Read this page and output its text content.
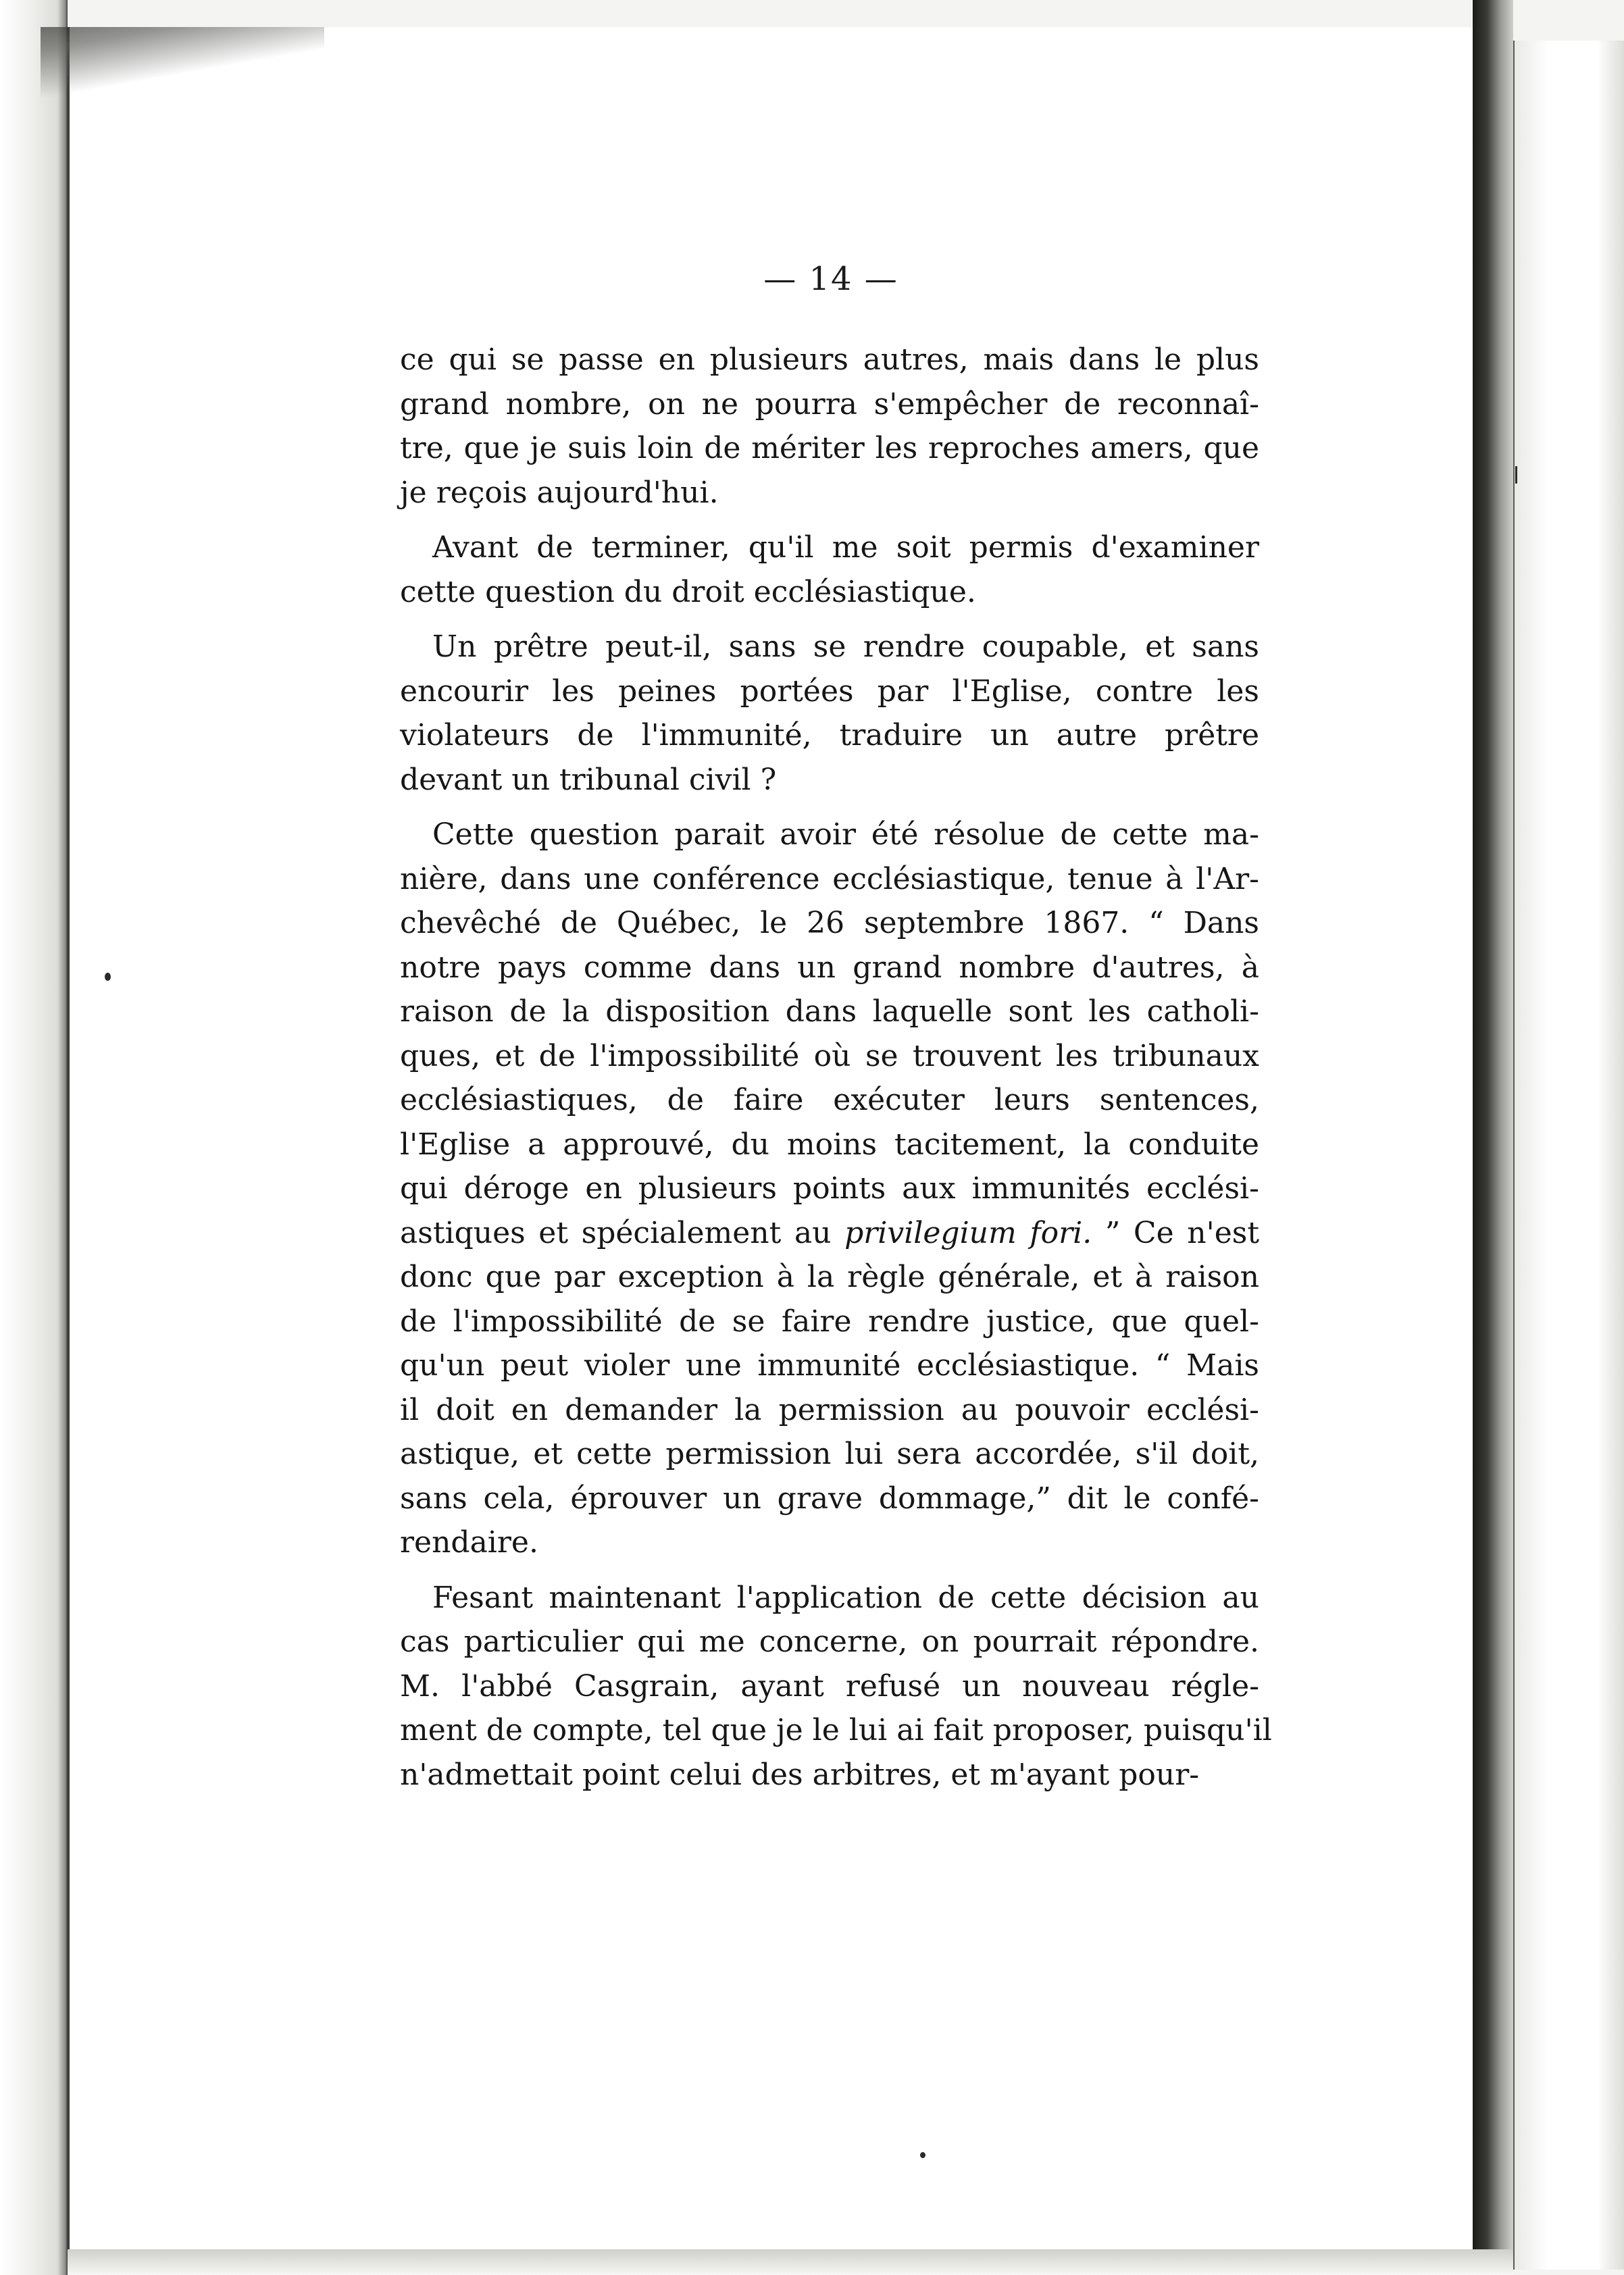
— 14 —
ce qui se passe en plusieurs autres, mais dans le plus
grand nombre, on ne pourra s'empêcher de reconnaî-
tre, que je suis loin de mériter les reproches amers, que
je reçois aujourd'hui.
Avant de terminer, qu'il me soit permis d'examiner
cette question du droit ecclésiastique.
Un prêtre peut-il, sans se rendre coupable, et sans
encourir les peines portées par l'Eglise, contre les
violateurs de l'immunité, traduire un autre prêtre
devant un tribunal civil ?
Cette question parait avoir été résolue de cette ma-
nière, dans une conférence ecclésiastique, tenue à l'Ar-
chevêché de Québec, le 26 septembre 1867. “ Dans
notre pays comme dans un grand nombre d'autres, à
raison de la disposition dans laquelle sont les catholi-
ques, et de l'impossibilité où se trouvent les tribunaux
ecclésiastiques, de faire exécuter leurs sentences,
l'Eglise a approuvé, du moins tacitement, la conduite
qui déroge en plusieurs points aux immunités ecclési-
astiques et spécialement au privilegium fori. ” Ce n'est
donc que par exception à la règle générale, et à raison
de l'impossibilité de se faire rendre justice, que quel-
qu'un peut violer une immunité ecclésiastique. “ Mais
il doit en demander la permission au pouvoir ecclési-
astique, et cette permission lui sera accordée, s'il doit,
sans cela, éprouver un grave dommage,” dit le confé-
rendaire.
Fesant maintenant l'application de cette décision au
cas particulier qui me concerne, on pourrait répondre.
M. l'abbé Casgrain, ayant refusé un nouveau régle-
ment de compte, tel que je le lui ai fait proposer, puisqu'il
n'admettait point celui des arbitres, et m'ayant pour-
